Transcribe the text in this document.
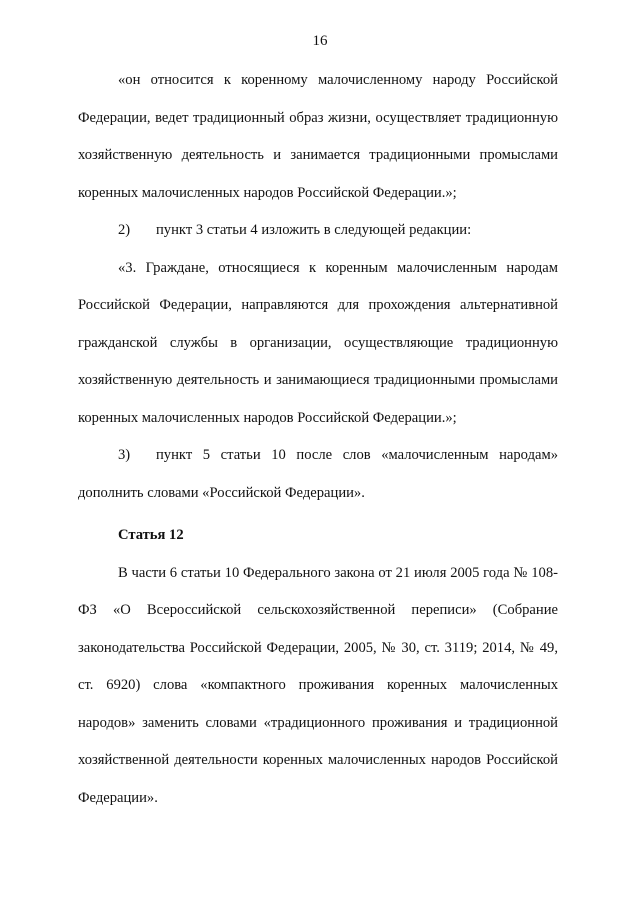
16

«он относится к коренному малочисленному народу Российской Федерации, ведет традиционный образ жизни, осуществляет традиционную хозяйственную деятельность и занимается традиционными промыслами коренных малочисленных народов Российской Федерации.»;

2) пункт 3 статьи 4 изложить в следующей редакции:

«3. Граждане, относящиеся к коренным малочисленным народам Российской Федерации, направляются для прохождения альтернативной гражданской службы в организации, осуществляющие традиционную хозяйственную деятельность и занимающиеся традиционными промыслами коренных малочисленных народов Российской Федерации.»;

3) пункт 5 статьи 10 после слов «малочисленным народам» дополнить словами «Российской Федерации».

Статья 12

В части 6 статьи 10 Федерального закона от 21 июля 2005 года № 108-ФЗ «О Всероссийской сельскохозяйственной переписи» (Собрание законодательства Российской Федерации, 2005, № 30, ст. 3119; 2014, № 49, ст. 6920) слова «компактного проживания коренных малочисленных народов» заменить словами «традиционного проживания и традиционной хозяйственной деятельности коренных малочисленных народов Российской Федерации».
